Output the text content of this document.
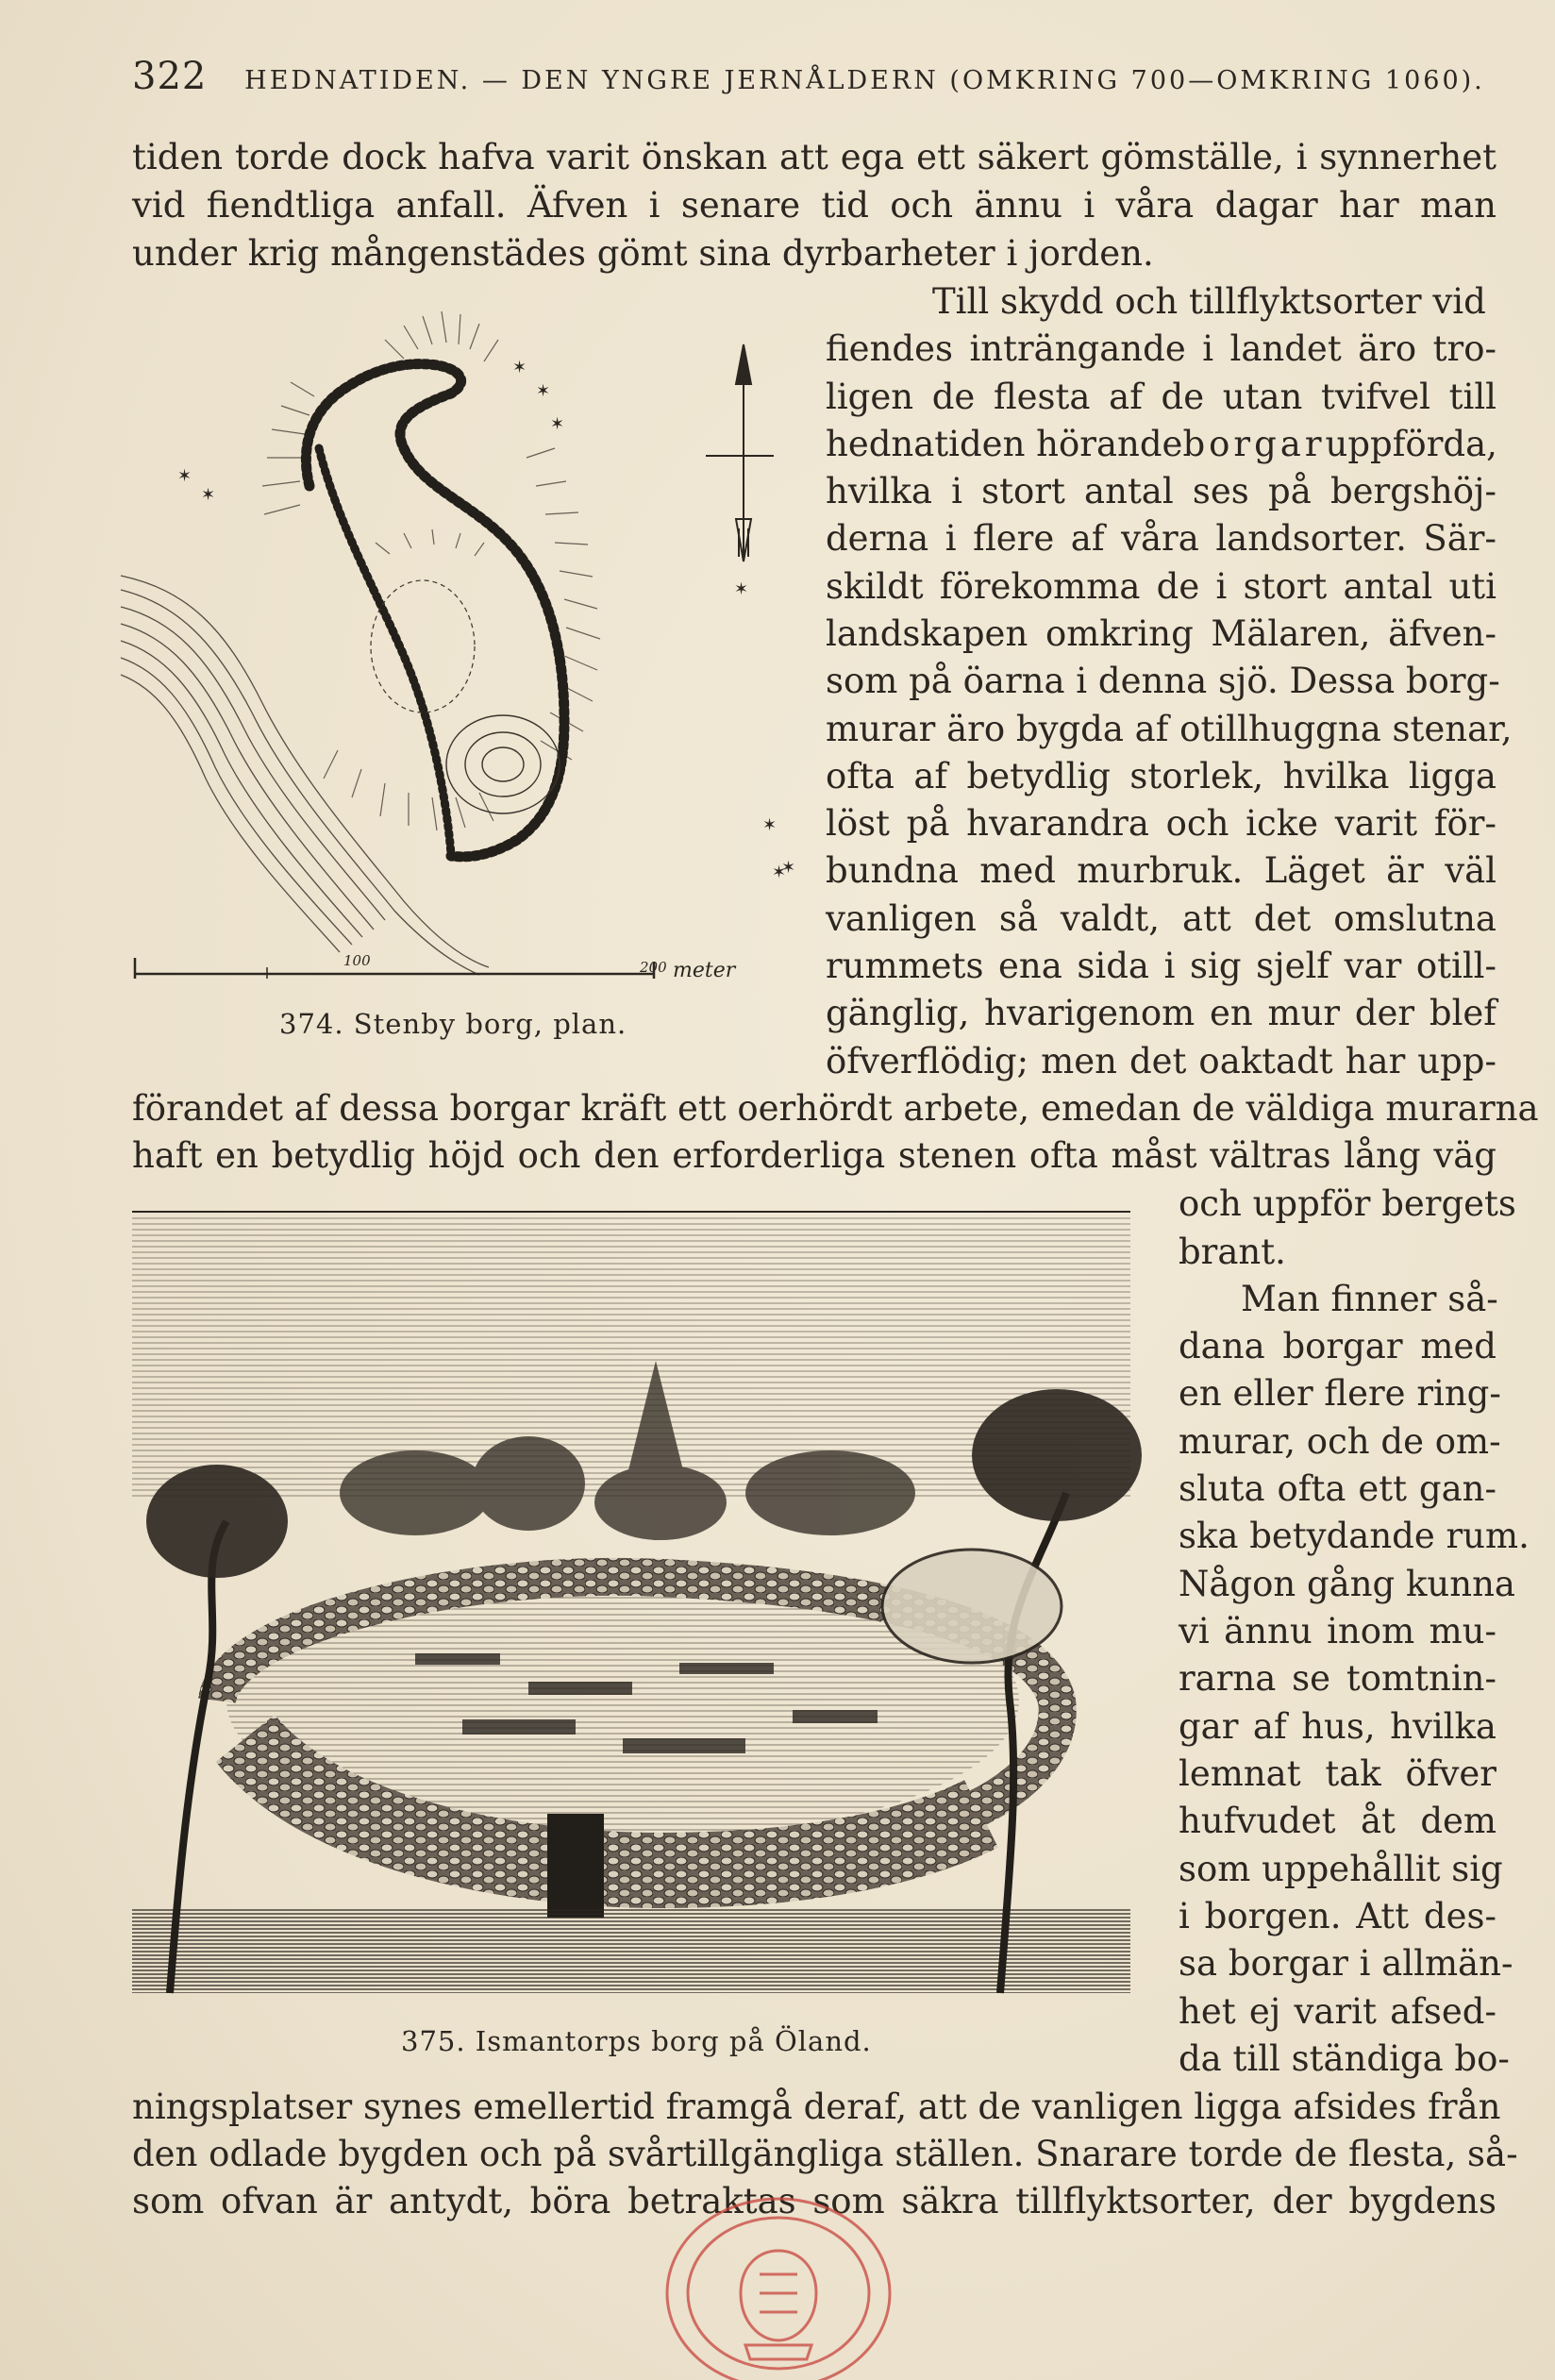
322 HEDNATIDEN. — DEN YNGRE JERNÅLDERN (OMKRING 700—OMKRING 1060).
tiden torde dock hafva varit önskan att ega ett säkert gömställe, i synnerhet
vid fiendtliga anfall. Äfven i senare tid och ännu i våra dagar har man
under krig mångenstädes gömt sina dyrbarheter i jorden.
Till skydd och tillflyktsorter vid
fiendes inträngande i landet äro tro-
ligen de flesta af de utan tvifvel till
hednatiden hörande borgar uppförda,
hvilka i stort antal ses på bergshöj-
derna i flere af våra landsorter. Sär-
skildt förekomma de i stort antal uti
landskapen omkring Mälaren, äfven-
som på öarna i denna sjö. Dessa borg-
murar äro bygda af otillhuggna stenar,
ofta af betydlig storlek, hvilka ligga
löst på hvarandra och icke varit för-
bundna med murbruk. Läget är väl
vanligen så valdt, att det omslutna
rummets ena sida i sig sjelf var otill-
gänglig, hvarigenom en mur der blef
öfverflödig; men det oaktadt har upp-
✶
✶
✶
✶
✶
✶
✶
✶
✶
100	200 meter
374. Stenby borg, plan.
förandet af dessa borgar kräft ett oerhördt arbete, emedan de väldiga murarna
haft en betydlig höjd och den erforderliga stenen ofta måst vältras lång väg
375. Ismantorps borg på Öland.
och uppför bergets
brant.
Man finner så-
dana borgar med
en eller flere ring-
murar, och de om-
sluta ofta ett gan-
ska betydande rum.
Någon gång kunna
vi ännu inom mu-
rarna se tomtnin-
gar af hus, hvilka
lemnat tak öfver
hufvudet åt dem
som uppehållit sig
i borgen. Att des-
sa borgar i allmän-
het ej varit afsed-
da till ständiga bo-
ningsplatser synes emellertid framgå deraf, att de vanligen ligga afsides från
den odlade bygden och på svårtillgängliga ställen. Snarare torde de flesta, så-
som ofvan är antydt, böra betraktas som säkra tillflyktsorter, der bygdens
